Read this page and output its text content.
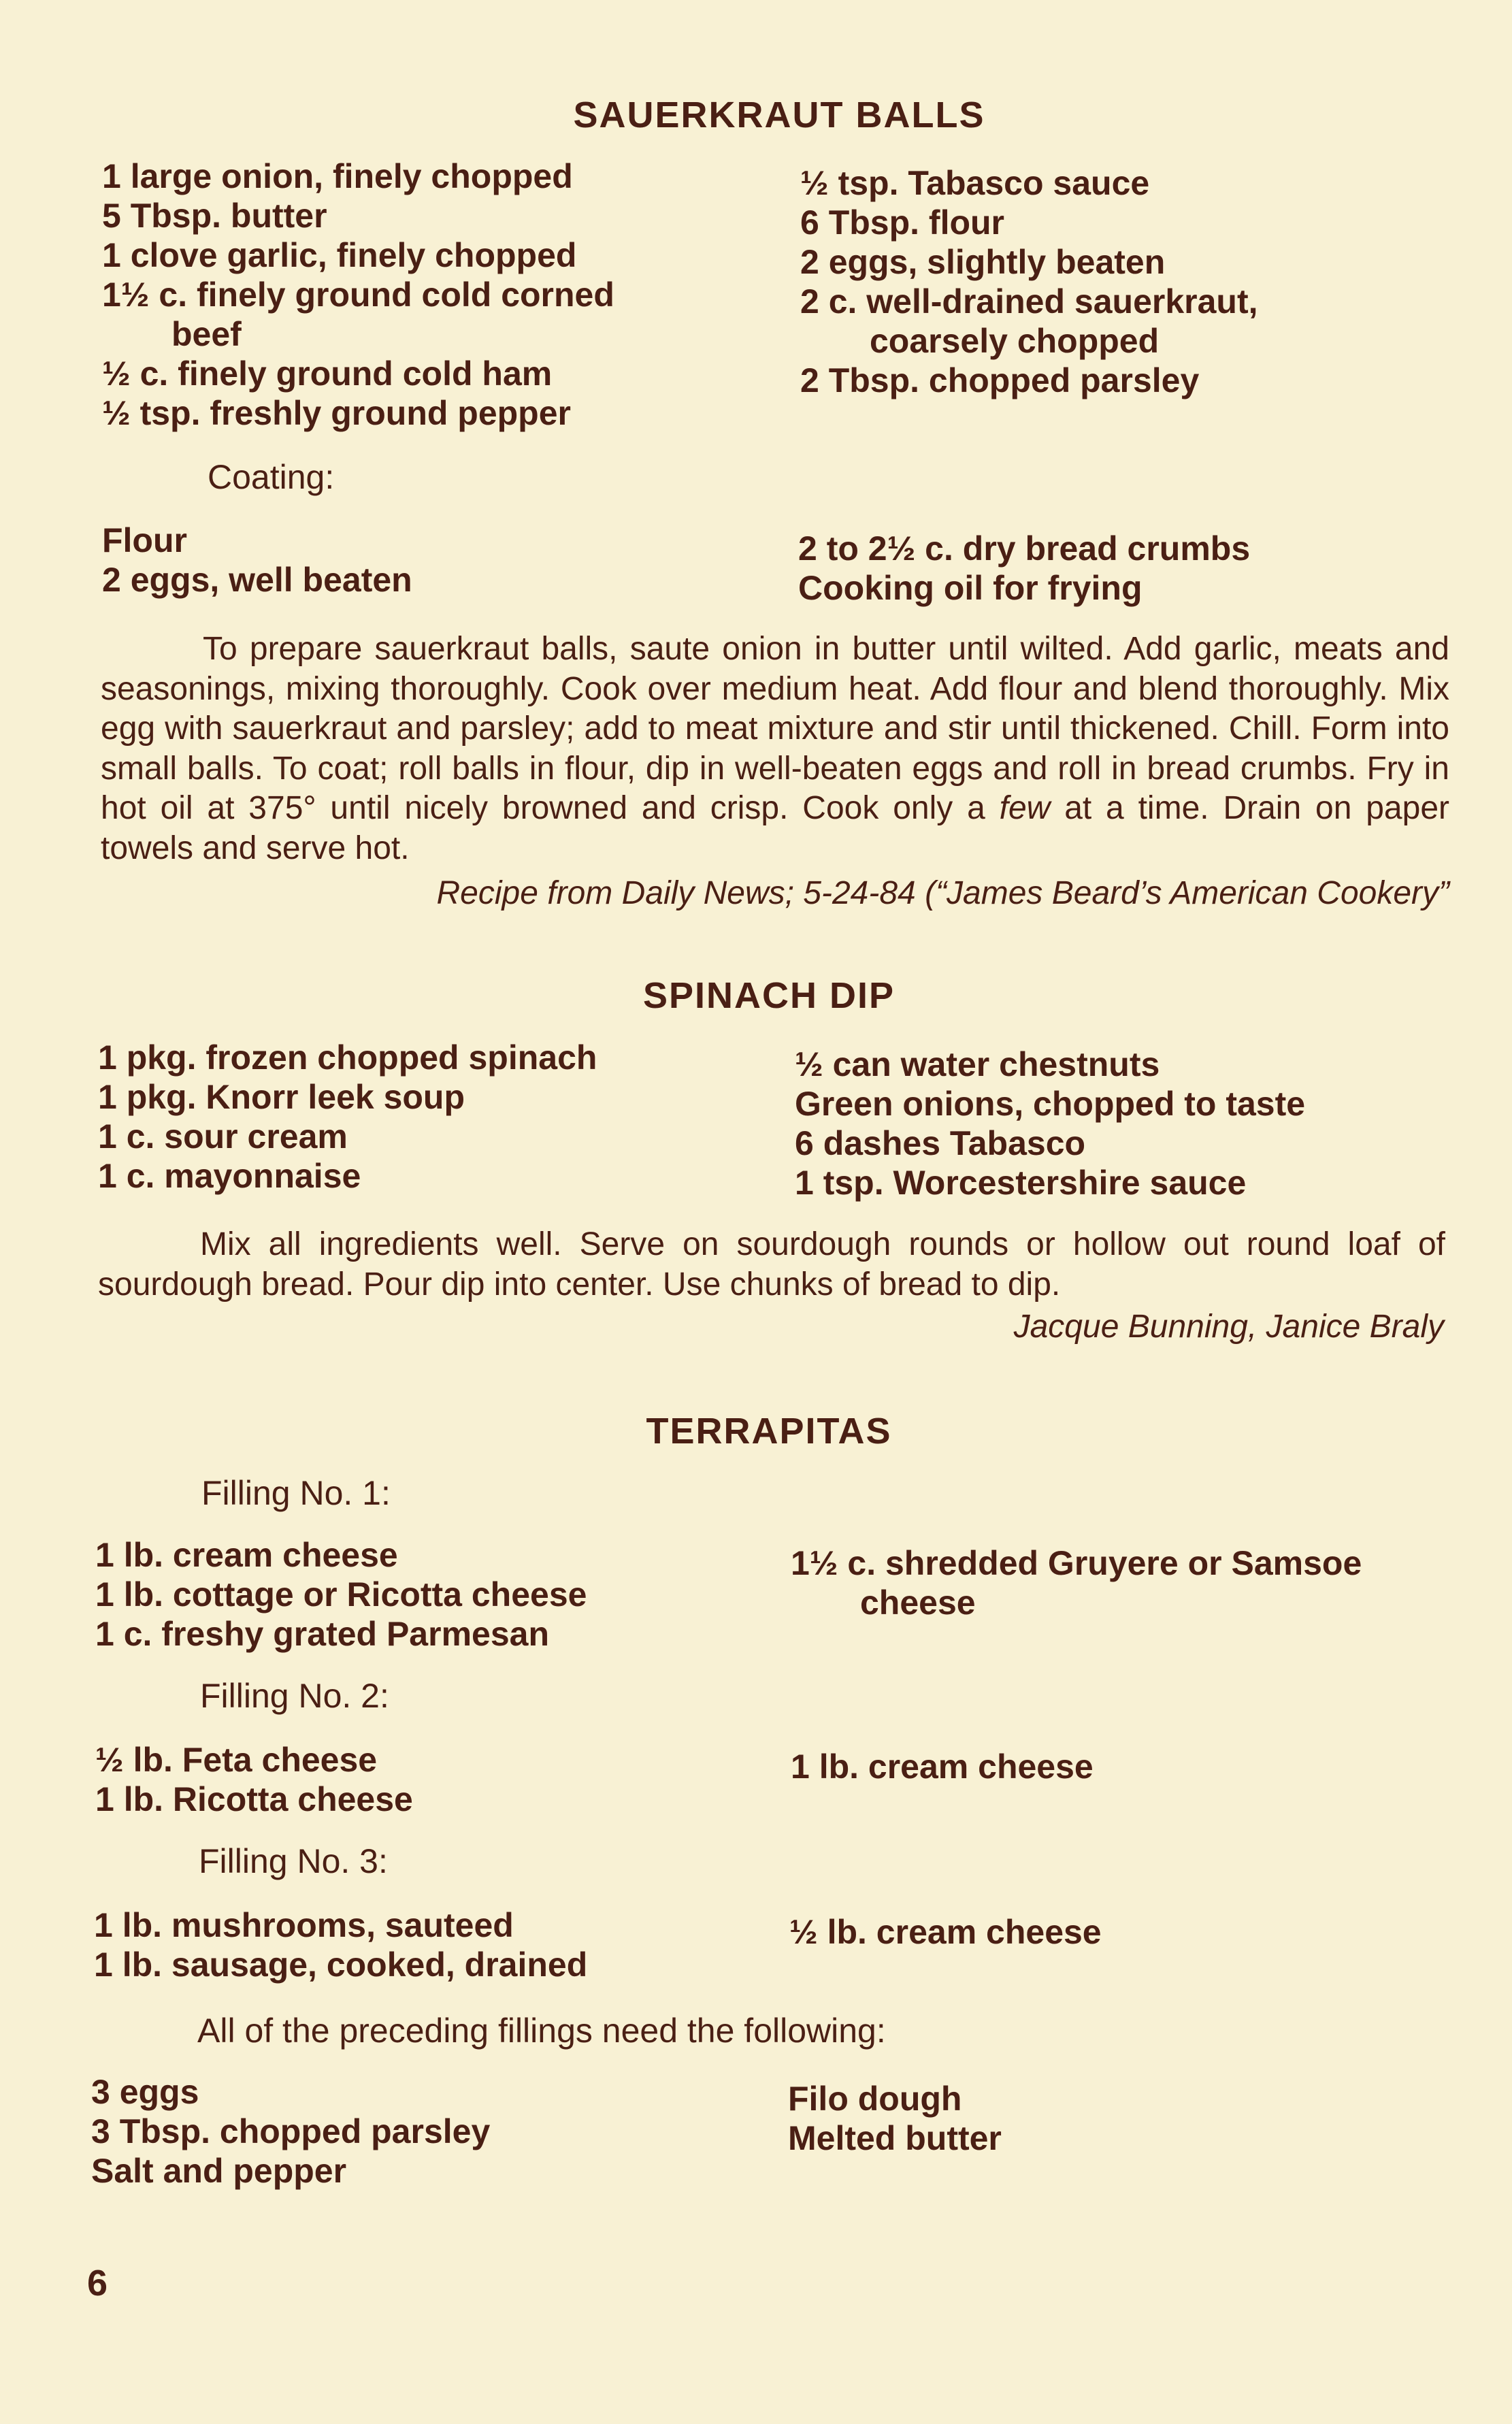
SAUERKRAUT BALLS
1 large onion, finely chopped
5 Tbsp. butter
1 clove garlic, finely chopped
1½ c. finely ground cold corned
beef
½ c. finely ground cold ham
½ tsp. freshly ground pepper
½ tsp. Tabasco sauce
6 Tbsp. flour
2 eggs, slightly beaten
2 c. well-drained sauerkraut,
coarsely chopped
2 Tbsp. chopped parsley
Coating:
Flour
2 eggs, well beaten
2 to 2½ c. dry bread crumbs
Cooking oil for frying

To prepare sauerkraut balls, saute onion in butter until wilted. Add garlic, meats and seasonings, mixing thoroughly. Cook over medium heat. Add flour and blend thoroughly. Mix egg with sauerkraut and parsley; add to meat mixture and stir until thickened. Chill. Form into small balls. To coat; roll balls in flour, dip in well-beaten eggs and roll in bread crumbs. Fry in hot oil at 375° until nicely browned and crisp. Cook only a few at a time. Drain on paper towels and serve hot.

Recipe from Daily News; 5-24-84 (“James Beard’s American Cookery”
SPINACH DIP
1 pkg. frozen chopped spinach
1 pkg. Knorr leek soup
1 c. sour cream
1 c. mayonnaise
½ can water chestnuts
Green onions, chopped to taste
6 dashes Tabasco
1 tsp. Worcestershire sauce

Mix all ingredients well. Serve on sourdough rounds or hollow out round loaf of sourdough bread. Pour dip into center. Use chunks of bread to dip.

Jacque Bunning, Janice Braly
TERRAPITAS
Filling No. 1:
1 lb. cream cheese
1 lb. cottage or Ricotta cheese
1 c. freshy grated Parmesan
1½ c. shredded Gruyere or Samsoe
cheese
Filling No. 2:
½ lb. Feta cheese
1 lb. Ricotta cheese
1 lb. cream cheese
Filling No. 3:
1 lb. mushrooms, sauteed
1 lb. sausage, cooked, drained
½ lb. cream cheese
All of the preceding fillings need the following:
3 eggs
3 Tbsp. chopped parsley
Salt and pepper
Filo dough
Melted butter
6
